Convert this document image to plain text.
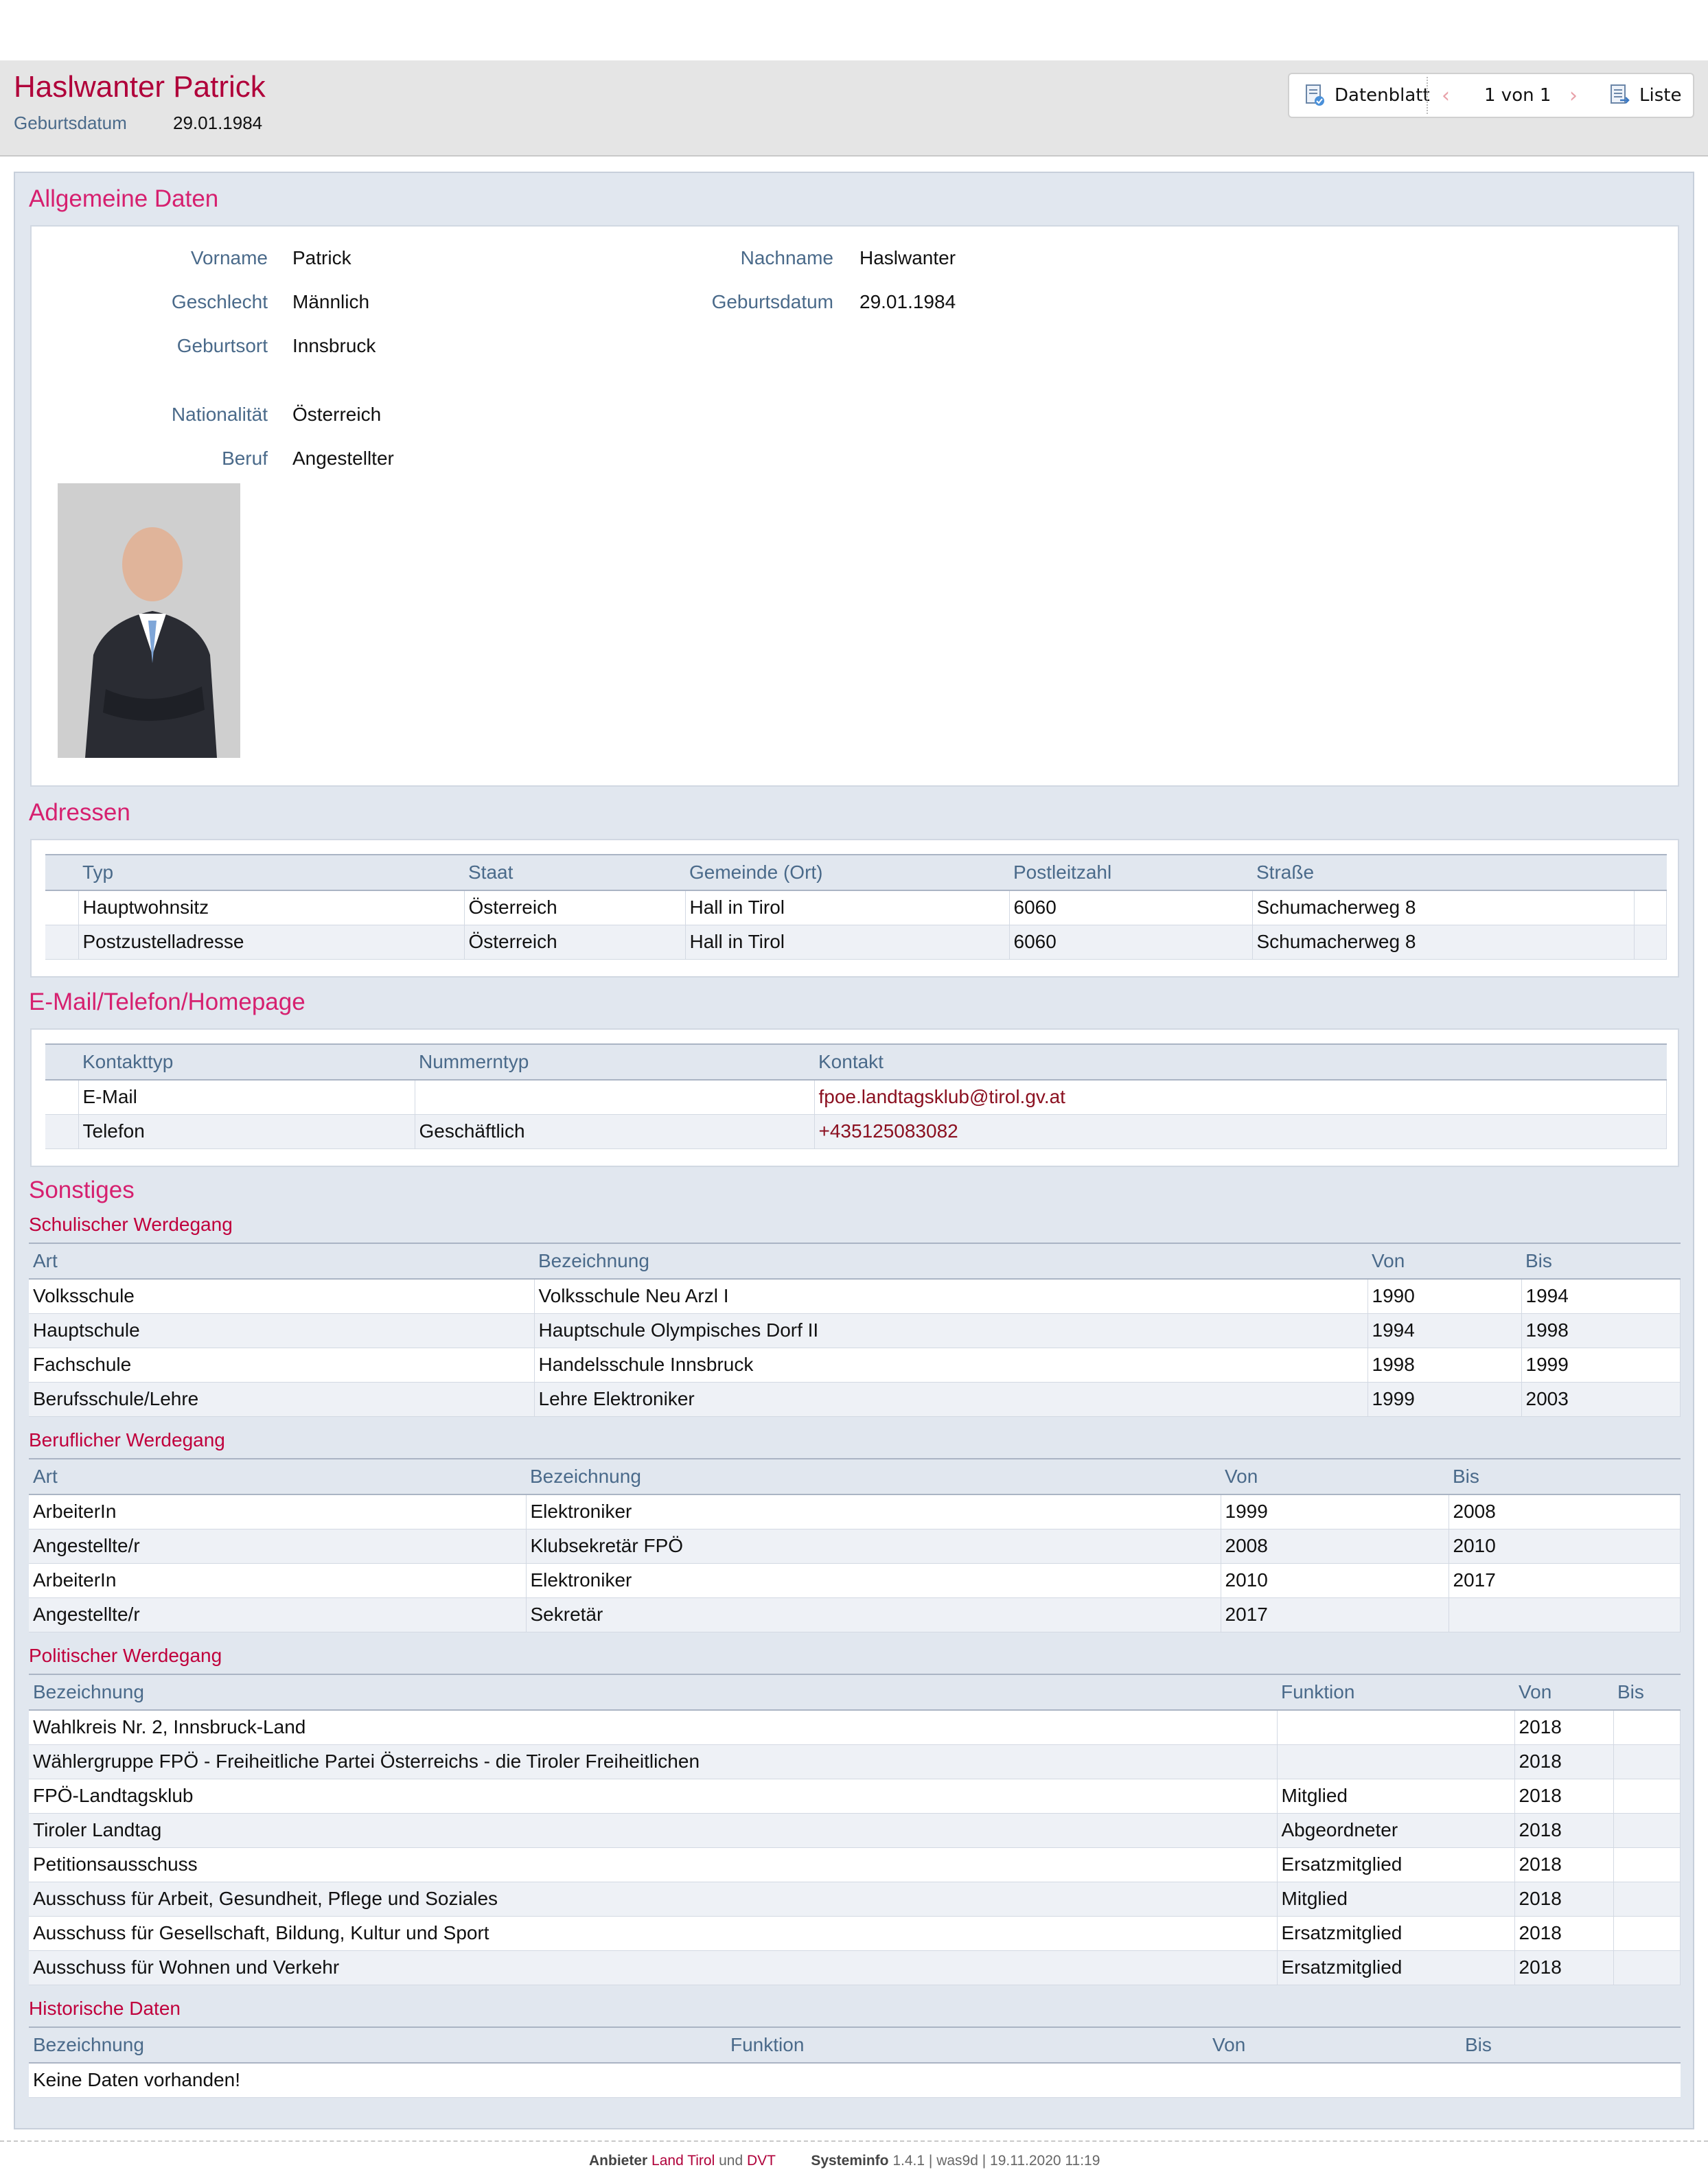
Haslwanter Patrick
Geburtsdatum	29.01.1984
Datenblatt ‹ 1 von 1 ›	Liste
Allgemeine Daten
Vorname Patrick	Nachname Haslwanter
Geschlecht Männlich	Geburtsdatum 29.01.1984
Geburtsort Innsbruck
Nationalität Österreich
Beruf Angestellter
Adressen
	Typ	Staat	Gemeinde (Ort)	Postleitzahl	Straße	
	Hauptwohnsitz	Österreich	Hall in Tirol	6060	Schumacherweg 8	
	Postzustelladresse	Österreich	Hall in Tirol	6060	Schumacherweg 8	
E-Mail/Telefon/Homepage
	Kontakttyp	Nummerntyp	Kontakt
	E-Mail		fpoe.landtagsklub@tirol.gv.at
	Telefon	Geschäftlich	+435125083082
Sonstiges
Schulischer Werdegang
Art	Bezeichnung	Von	Bis
Volksschule	Volksschule Neu Arzl I	1990	1994
Hauptschule	Hauptschule Olympisches Dorf II	1994	1998
Fachschule	Handelsschule Innsbruck	1998	1999
Berufsschule/Lehre	Lehre Elektroniker	1999	2003
Beruflicher Werdegang
Art	Bezeichnung	Von	Bis
ArbeiterIn	Elektroniker	1999	2008
Angestellte/r	Klubsekretär FPÖ	2008	2010
ArbeiterIn	Elektroniker	2010	2017
Angestellte/r	Sekretär	2017	
Politischer Werdegang
Bezeichnung	Funktion	Von	Bis
Wahlkreis Nr. 2, Innsbruck-Land		2018	
Wählergruppe FPÖ - Freiheitliche Partei Österreichs - die Tiroler Freiheitlichen		2018	
FPÖ-Landtagsklub	Mitglied	2018	
Tiroler Landtag	Abgeordneter	2018	
Petitionsausschuss	Ersatzmitglied	2018	
Ausschuss für Arbeit, Gesundheit, Pflege und Soziales	Mitglied	2018	
Ausschuss für Gesellschaft, Bildung, Kultur und Sport	Ersatzmitglied	2018	
Ausschuss für Wohnen und Verkehr	Ersatzmitglied	2018	
Historische Daten
Bezeichnung	Funktion	Von	Bis
Keine Daten vorhanden!
Anbieter Land Tirol und DVT Systeminfo 1.4.1 | was9d | 19.11.2020 11:19
